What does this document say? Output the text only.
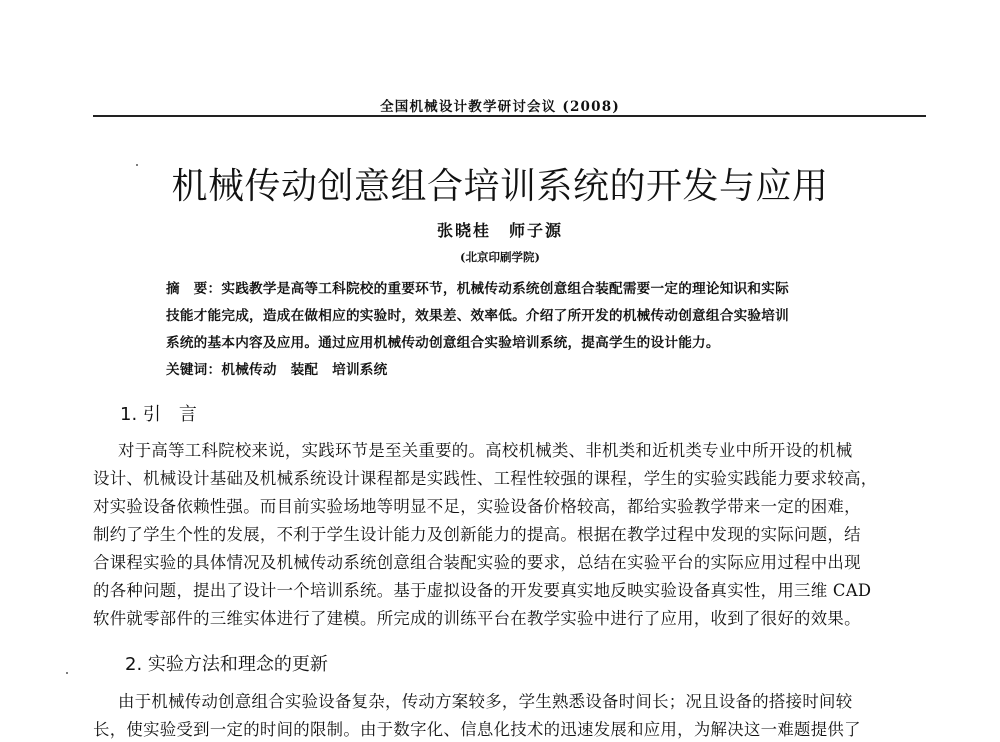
全国机械设计教学研讨会议 (2008)
机械传动创意组合培训系统的开发与应用
张晓桂　师子源
(北京印刷学院)
摘　要：实践教学是高等工科院校的重要环节，机械传动系统创意组合装配需要一定的理论知识和实际
技能才能完成，造成在做相应的实验时，效果差、效率低。介绍了所开发的机械传动创意组合实验培训
系统的基本内容及应用。通过应用机械传动创意组合实验培训系统，提高学生的设计能力。
关键词：机械传动　装配　培训系统
1. 引　言
对于高等工科院校来说，实践环节是至关重要的。高校机械类、非机类和近机类专业中所开设的机械
设计、机械设计基础及机械系统设计课程都是实践性、工程性较强的课程，学生的实验实践能力要求较高，
对实验设备依赖性强。而目前实验场地等明显不足，实验设备价格较高，都给实验教学带来一定的困难，
制约了学生个性的发展，不利于学生设计能力及创新能力的提高。根据在教学过程中发现的实际问题，结
合课程实验的具体情况及机械传动系统创意组合装配实验的要求，总结在实验平台的实际应用过程中出现
的各种问题，提出了设计一个培训系统。基于虚拟设备的开发要真实地反映实验设备真实性，用三维 CAD
软件就零部件的三维实体进行了建模。所完成的训练平台在教学实验中进行了应用，收到了很好的效果。
2. 实验方法和理念的更新
由于机械传动创意组合实验设备复杂，传动方案较多，学生熟悉设备时间长；况且设备的搭接时间较
长，使实验受到一定的时间的限制。由于数字化、信息化技术的迅速发展和应用，为解决这一难题提供了
